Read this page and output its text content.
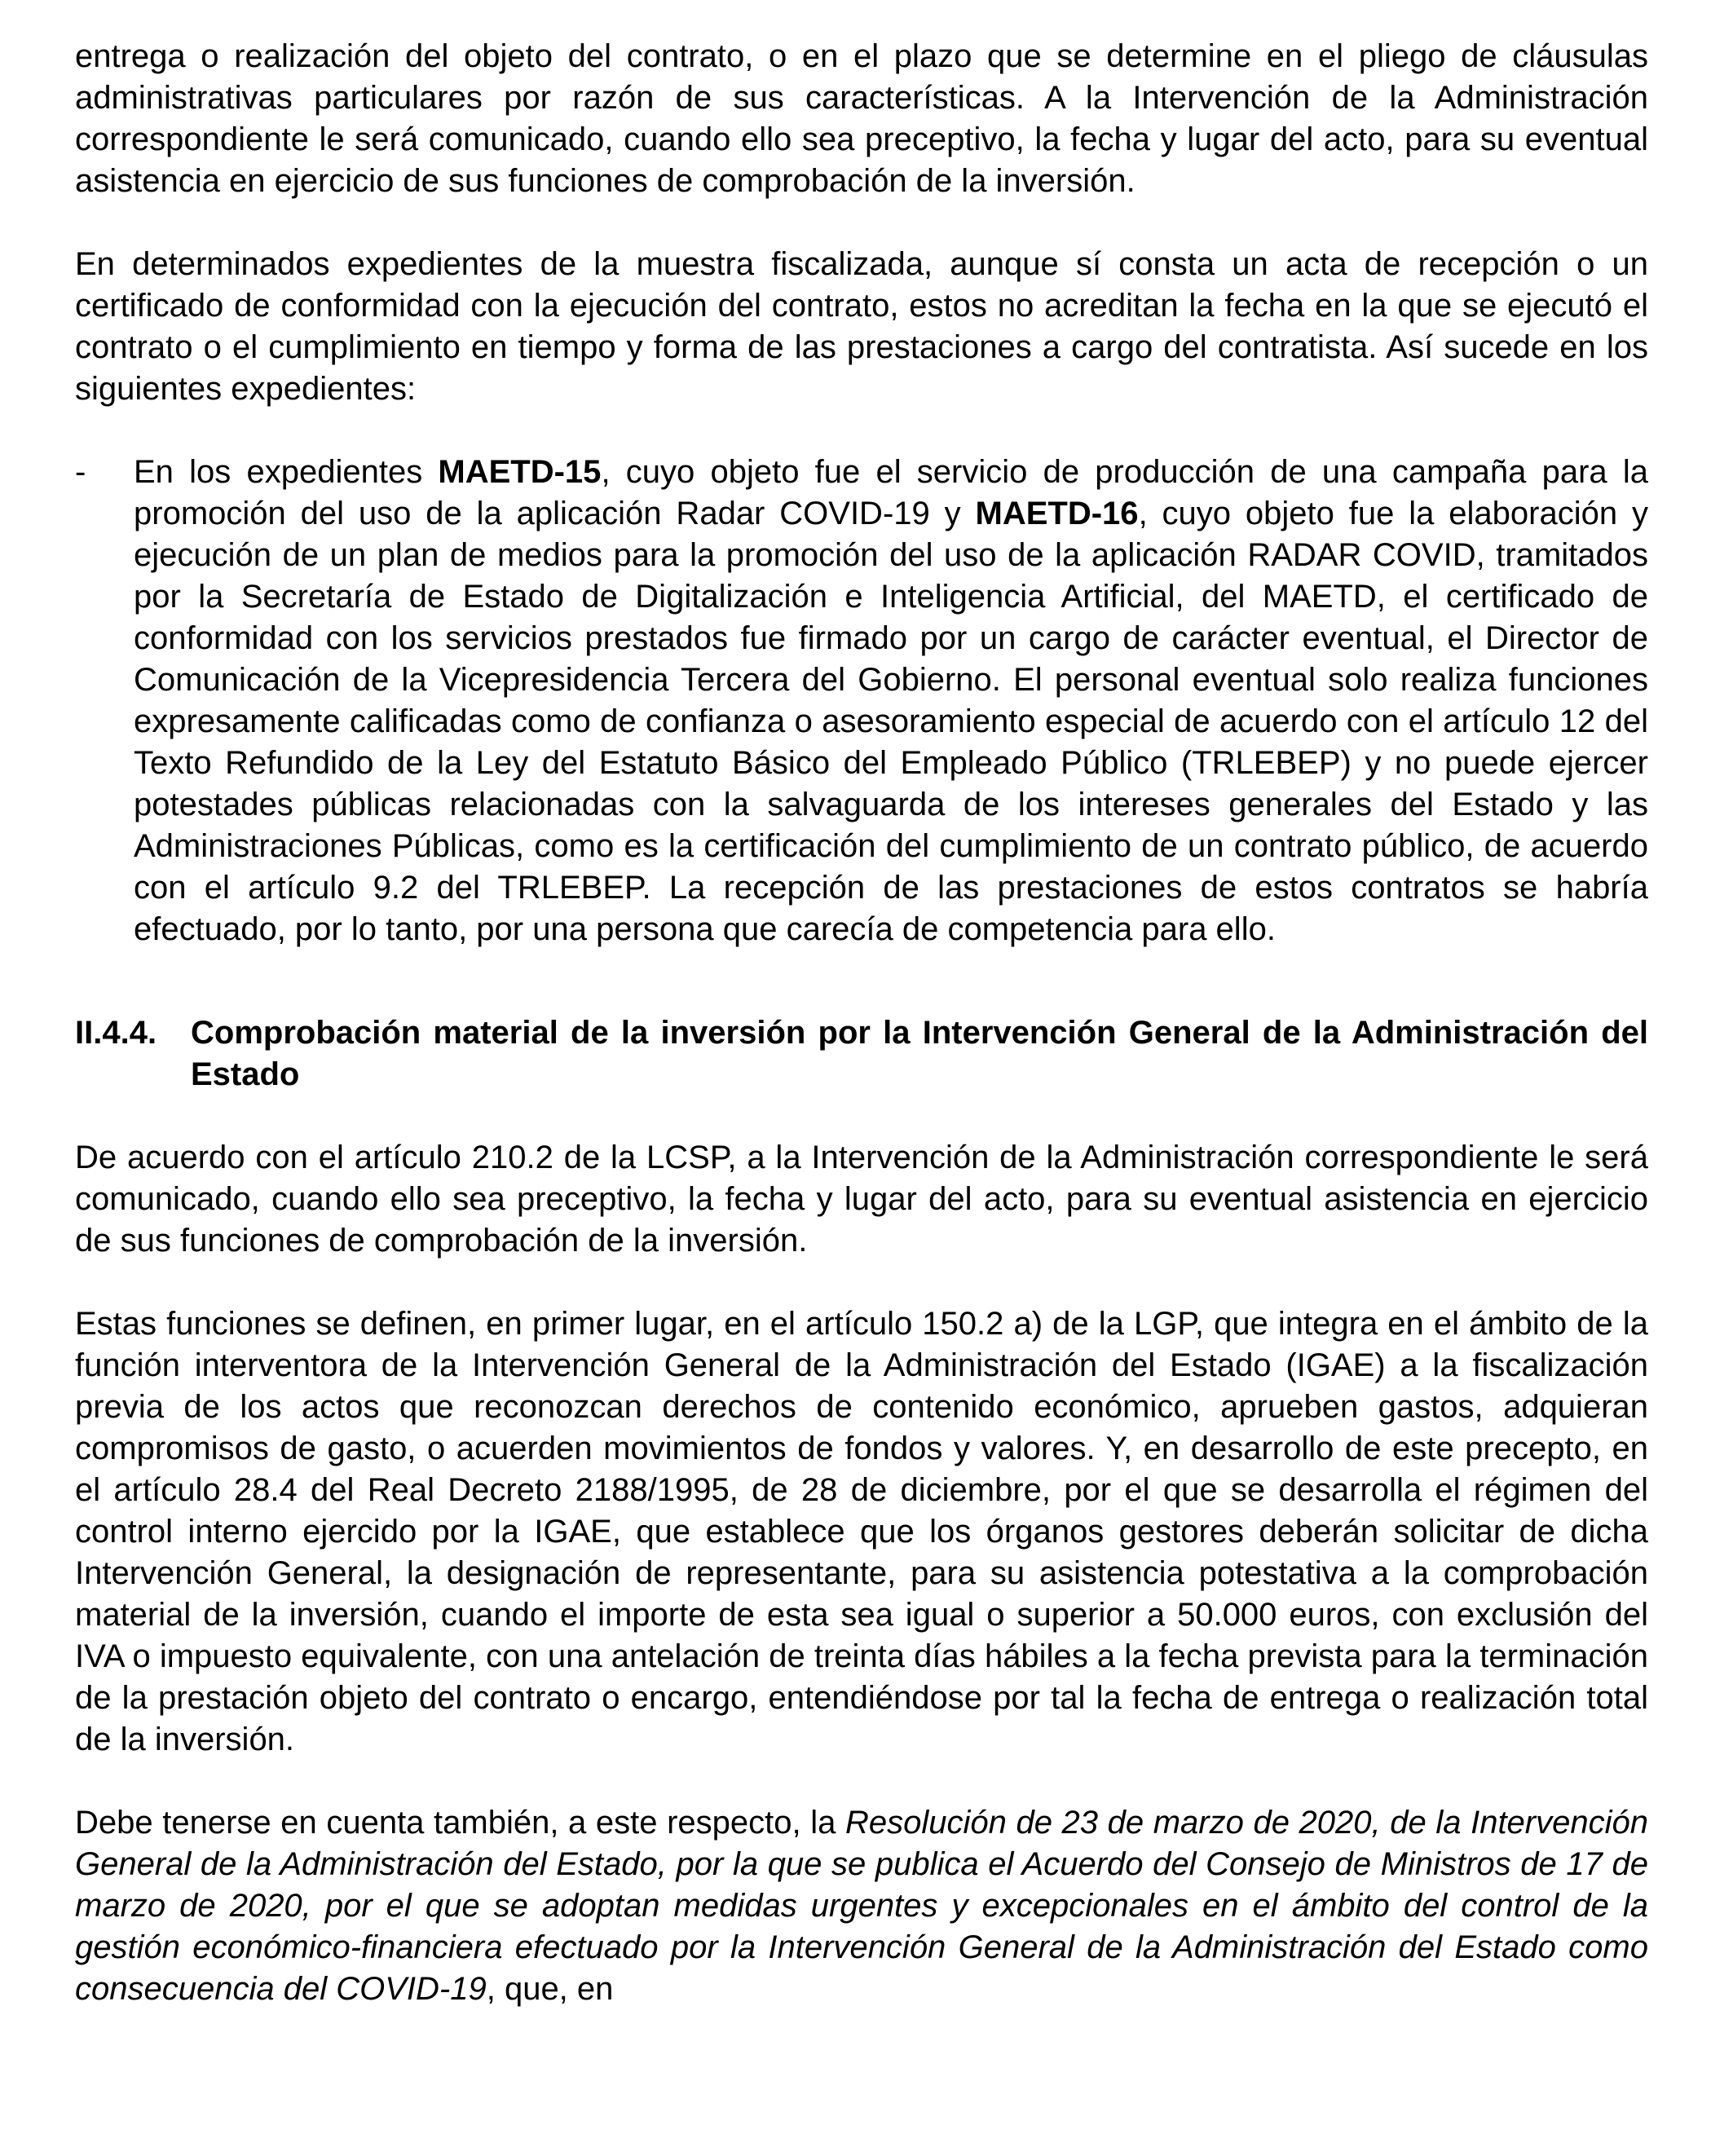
entrega o realización del objeto del contrato, o en el plazo que se determine en el pliego de cláusulas administrativas particulares por razón de sus características. A la Intervención de la Administración correspondiente le será comunicado, cuando ello sea preceptivo, la fecha y lugar del acto, para su eventual asistencia en ejercicio de sus funciones de comprobación de la inversión.

En determinados expedientes de la muestra fiscalizada, aunque sí consta un acta de recepción o un certificado de conformidad con la ejecución del contrato, estos no acreditan la fecha en la que se ejecutó el contrato o el cumplimiento en tiempo y forma de las prestaciones a cargo del contratista. Así sucede en los siguientes expedientes:

-	En los expedientes MAETD-15, cuyo objeto fue el servicio de producción de una campaña para la promoción del uso de la aplicación Radar COVID-19 y MAETD-16, cuyo objeto fue la elaboración y ejecución de un plan de medios para la promoción del uso de la aplicación RADAR COVID, tramitados por la Secretaría de Estado de Digitalización e Inteligencia Artificial, del MAETD, el certificado de conformidad con los servicios prestados fue firmado por un cargo de carácter eventual, el Director de Comunicación de la Vicepresidencia Tercera del Gobierno. El personal eventual solo realiza funciones expresamente calificadas como de confianza o asesoramiento especial de acuerdo con el artículo 12 del Texto Refundido de la Ley del Estatuto Básico del Empleado Público (TRLEBEP) y no puede ejercer potestades públicas relacionadas con la salvaguarda de los intereses generales del Estado y las Administraciones Públicas, como es la certificación del cumplimiento de un contrato público, de acuerdo con el artículo 9.2 del TRLEBEP. La recepción de las prestaciones de estos contratos se habría efectuado, por lo tanto, por una persona que carecía de competencia para ello.

II.4.4.	Comprobación material de la inversión por la Intervención General de la Administración del Estado

De acuerdo con el artículo 210.2 de la LCSP, a la Intervención de la Administración correspondiente le será comunicado, cuando ello sea preceptivo, la fecha y lugar del acto, para su eventual asistencia en ejercicio de sus funciones de comprobación de la inversión.

Estas funciones se definen, en primer lugar, en el artículo 150.2 a) de la LGP, que integra en el ámbito de la función interventora de la Intervención General de la Administración del Estado (IGAE) a la fiscalización previa de los actos que reconozcan derechos de contenido económico, aprueben gastos, adquieran compromisos de gasto, o acuerden movimientos de fondos y valores. Y, en desarrollo de este precepto, en el artículo 28.4 del Real Decreto 2188/1995, de 28 de diciembre, por el que se desarrolla el régimen del control interno ejercido por la IGAE, que establece que los órganos gestores deberán solicitar de dicha Intervención General, la designación de representante, para su asistencia potestativa a la comprobación material de la inversión, cuando el importe de esta sea igual o superior a 50.000 euros, con exclusión del IVA o impuesto equivalente, con una antelación de treinta días hábiles a la fecha prevista para la terminación de la prestación objeto del contrato o encargo, entendiéndose por tal la fecha de entrega o realización total de la inversión.

Debe tenerse en cuenta también, a este respecto, la Resolución de 23 de marzo de 2020, de la Intervención General de la Administración del Estado, por la que se publica el Acuerdo del Consejo de Ministros de 17 de marzo de 2020, por el que se adoptan medidas urgentes y excepcionales en el ámbito del control de la gestión económico-financiera efectuado por la Intervención General de la Administración del Estado como consecuencia del COVID-19, que, en
